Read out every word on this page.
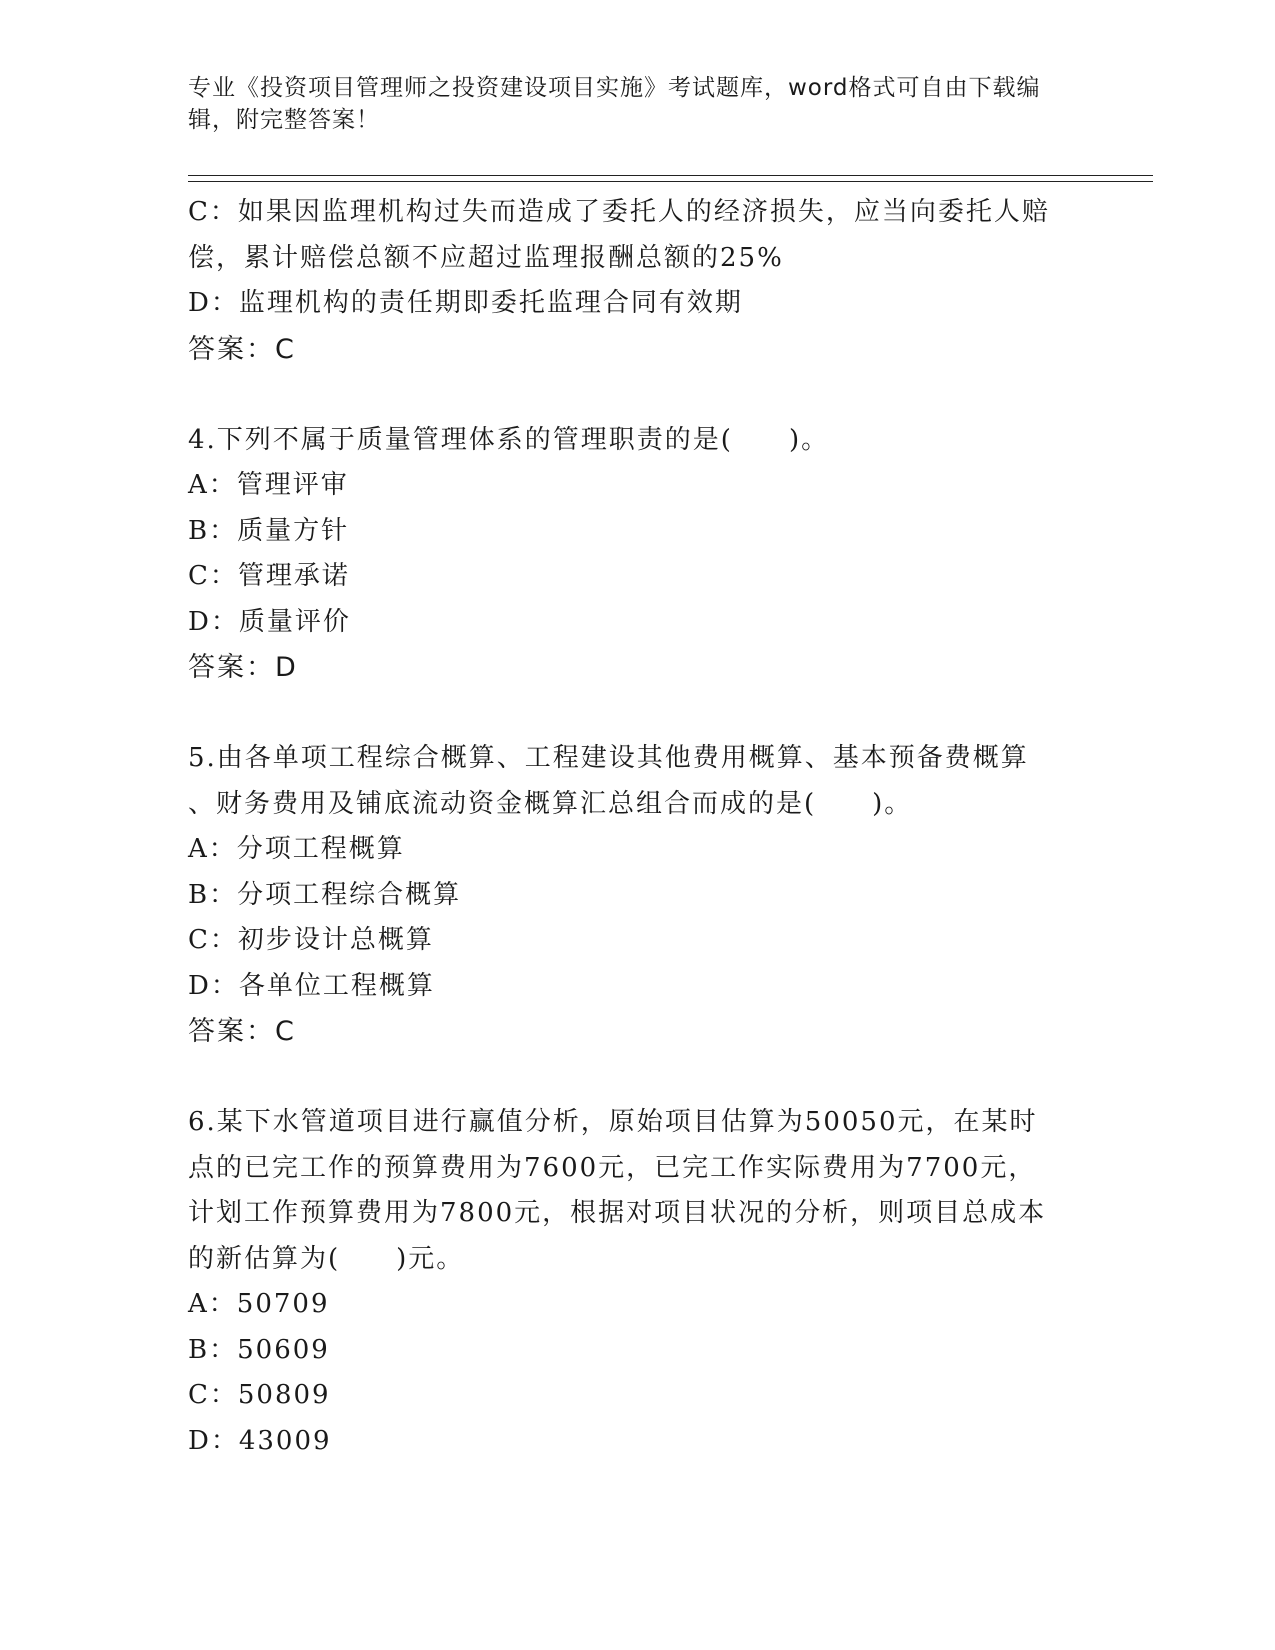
专业《投资项目管理师之投资建设项目实施》考试题库，word格式可自由下载编
辑，附完整答案！
C：如果因监理机构过失而造成了委托人的经济损失，应当向委托人赔
偿，累计赔偿总额不应超过监理报酬总额的25%
D：监理机构的责任期即委托监理合同有效期
答案：C
4.下列不属于质量管理体系的管理职责的是(　　)。
A：管理评审
B：质量方针
C：管理承诺
D：质量评价
答案：D
5.由各单项工程综合概算、工程建设其他费用概算、基本预备费概算
、财务费用及铺底流动资金概算汇总组合而成的是(　　)。
A：分项工程概算
B：分项工程综合概算
C：初步设计总概算
D：各单位工程概算
答案：C
6.某下水管道项目进行赢值分析，原始项目估算为50050元，在某时
点的已完工作的预算费用为7600元，已完工作实际费用为7700元，
计划工作预算费用为7800元，根据对项目状况的分析，则项目总成本
的新估算为(　　)元。
A：50709
B：50609
C：50809
D：43009
